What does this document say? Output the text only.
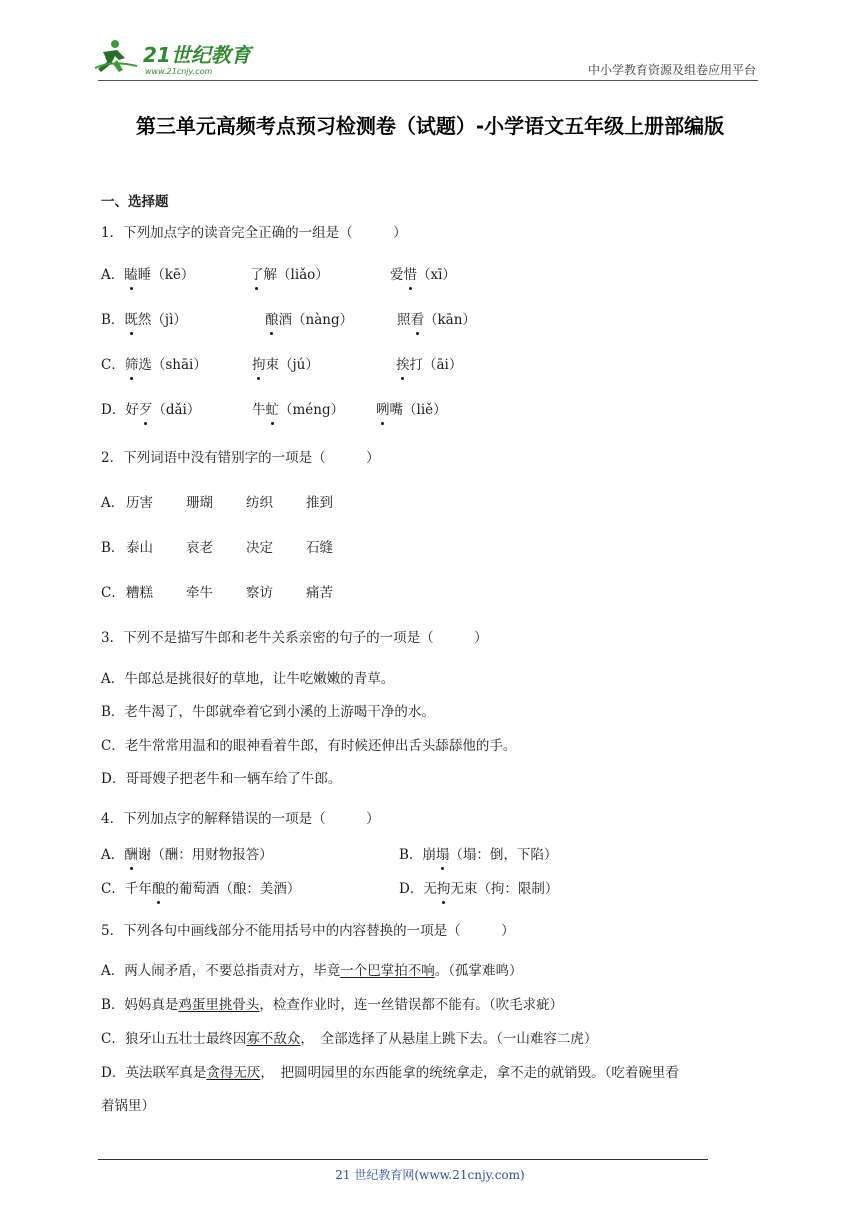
21世纪教育
www.21cnjy.com	中小学教育资源及组卷应用平台
第三单元高频考点预习检测卷（试题）-小学语文五年级上册部编版
一、选择题
1．下列加点字的读音完全正确的一组是（　　　）
A．瞌睡（kē）	了解（liǎo）	爱惜（xī）
B．既然（jì）	酿酒（nàng）	照看（kān）
C．筛选（shāi）	拘束（jú）	挨打（āi）
D．好歹（dǎi）	牛虻（méng） 咧嘴（liě）
2．下列词语中没有错别字的一项是（　　　）
A． 历害 珊瑚 纺织 推到
B． 泰山 哀老 决定 石缝
C． 糟糕 牵牛 察访 痛苦
3．下列不是描写牛郎和老牛关系亲密的句子的一项是（　　　）
A．牛郎总是挑很好的草地，让牛吃嫩嫩的青草。
B．老牛渴了，牛郎就牵着它到小溪的上游喝干净的水。
C．老牛常常用温和的眼神看着牛郎，有时候还伸出舌头舔舔他的手。
D．哥哥嫂子把老牛和一辆车给了牛郎。
4．下列加点字的解释错误的一项是（　　　）
A．酬谢（酬：用财物报答）	B．崩塌（塌：倒，下陷）
C．千年酿的葡萄酒（酿：美酒）	D．无拘无束（拘：限制）
5．下列各句中画线部分不能用括号中的内容替换的一项是（　　　）
A．两人闹矛盾，不要总指责对方，毕竟一个巴掌拍不响。（孤掌难鸣）
B．妈妈真是鸡蛋里挑骨头，检查作业时，连一丝错误都不能有。（吹毛求疵）
C．狼牙山五壮士最终因寡不敌众，　全部选择了从悬崖上跳下去。（一山难容二虎）
D．英法联军真是贪得无厌，　把圆明园里的东西能拿的统统拿走，拿不走的就销毁。（吃着碗里看
着锅里）
21 世纪教育网(www.21cnjy.com)
